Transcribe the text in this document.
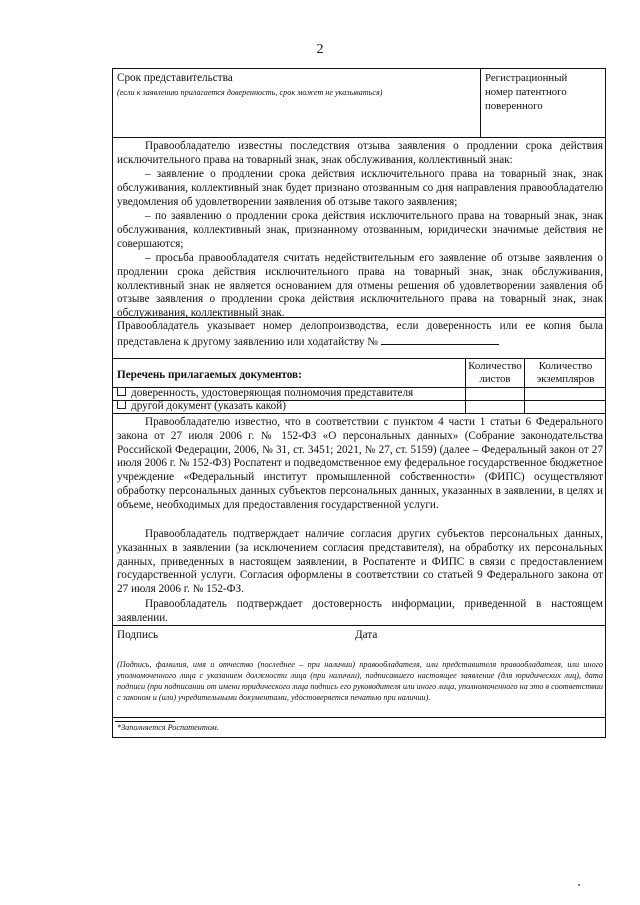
2
Срок представительства
(если к заявлению прилагается доверенность, срок может не указываться)
Регистрационный номер патентного поверенного
Правообладателю известны последствия отзыва заявления о продлении срока действия исключительного права на товарный знак, знак обслуживания, коллективный знак:
– заявление о продлении срока действия исключительного права на товарный знак, знак обслуживания, коллективный знак будет признано отозванным со дня направления правообладателю уведомления об удовлетворении заявления об отзыве такого заявления;
– по заявлению о продлении срока действия исключительного права на товарный знак, знак обслуживания, коллективный знак, признанному отозванным, юридически значимые действия не совершаются;
– просьба правообладателя считать недействительным его заявление об отзыве заявления о продлении срока действия исключительного права на товарный знак, знак обслуживания, коллективный знак не является основанием для отмены решения об удовлетворении заявления об отзыве заявления о продлении срока действия исключительного права на товарный знак, знак обслуживания, коллективный знак.
Правообладатель указывает номер делопроизводства, если доверенность или ее копия была представлена к другому заявлению или ходатайству №
Перечень прилагаемых документов:
Количество листов
Количество экземпляров
доверенность, удостоверяющая полномочия представителя
другой документ (указать какой)
Правообладателю известно, что в соответствии с пунктом 4 части 1 статьи 6 Федерального закона от 27 июля 2006 г. № 152-ФЗ «О персональных данных» (Собрание законодательства Российской Федерации, 2006, № 31, ст. 3451; 2021, № 27, ст. 5159) (далее – Федеральный закон от 27 июля 2006 г. № 152-ФЗ) Роспатент и подведомственное ему федеральное государственное бюджетное учреждение «Федеральный институт промышленной собственности» (ФИПС) осуществляют обработку персональных данных субъектов персональных данных, указанных в заявлении, в целях и объеме, необходимых для предоставления государственной услуги.
Правообладатель подтверждает наличие согласия других субъектов персональных данных, указанных в заявлении (за исключением согласия представителя), на обработку их персональных данных, приведенных в настоящем заявлении, в Роспатенте и ФИПС в связи с предоставлением государственной услуги. Согласия оформлены в соответствии со статьей 9 Федерального закона от 27 июля 2006 г. № 152-ФЗ.
Правообладатель подтверждает достоверность информации, приведенной в настоящем заявлении.
Подпись	Дата
(Подпись, фамилия, имя и отчество (последнее – при наличии) правообладателя, или представителя правообладателя, или иного уполномоченного лица с указанием должности лица (при наличии), подписавшего настоящее заявление (для юридических лиц), дата подписи (при подписании от имени юридического лица подпись его руководителя или иного лица, уполномоченного на это в соответствии с законом и (или) учредительными документами, удостоверяется печатью при наличии).
*Заполняется Роспатентом.
